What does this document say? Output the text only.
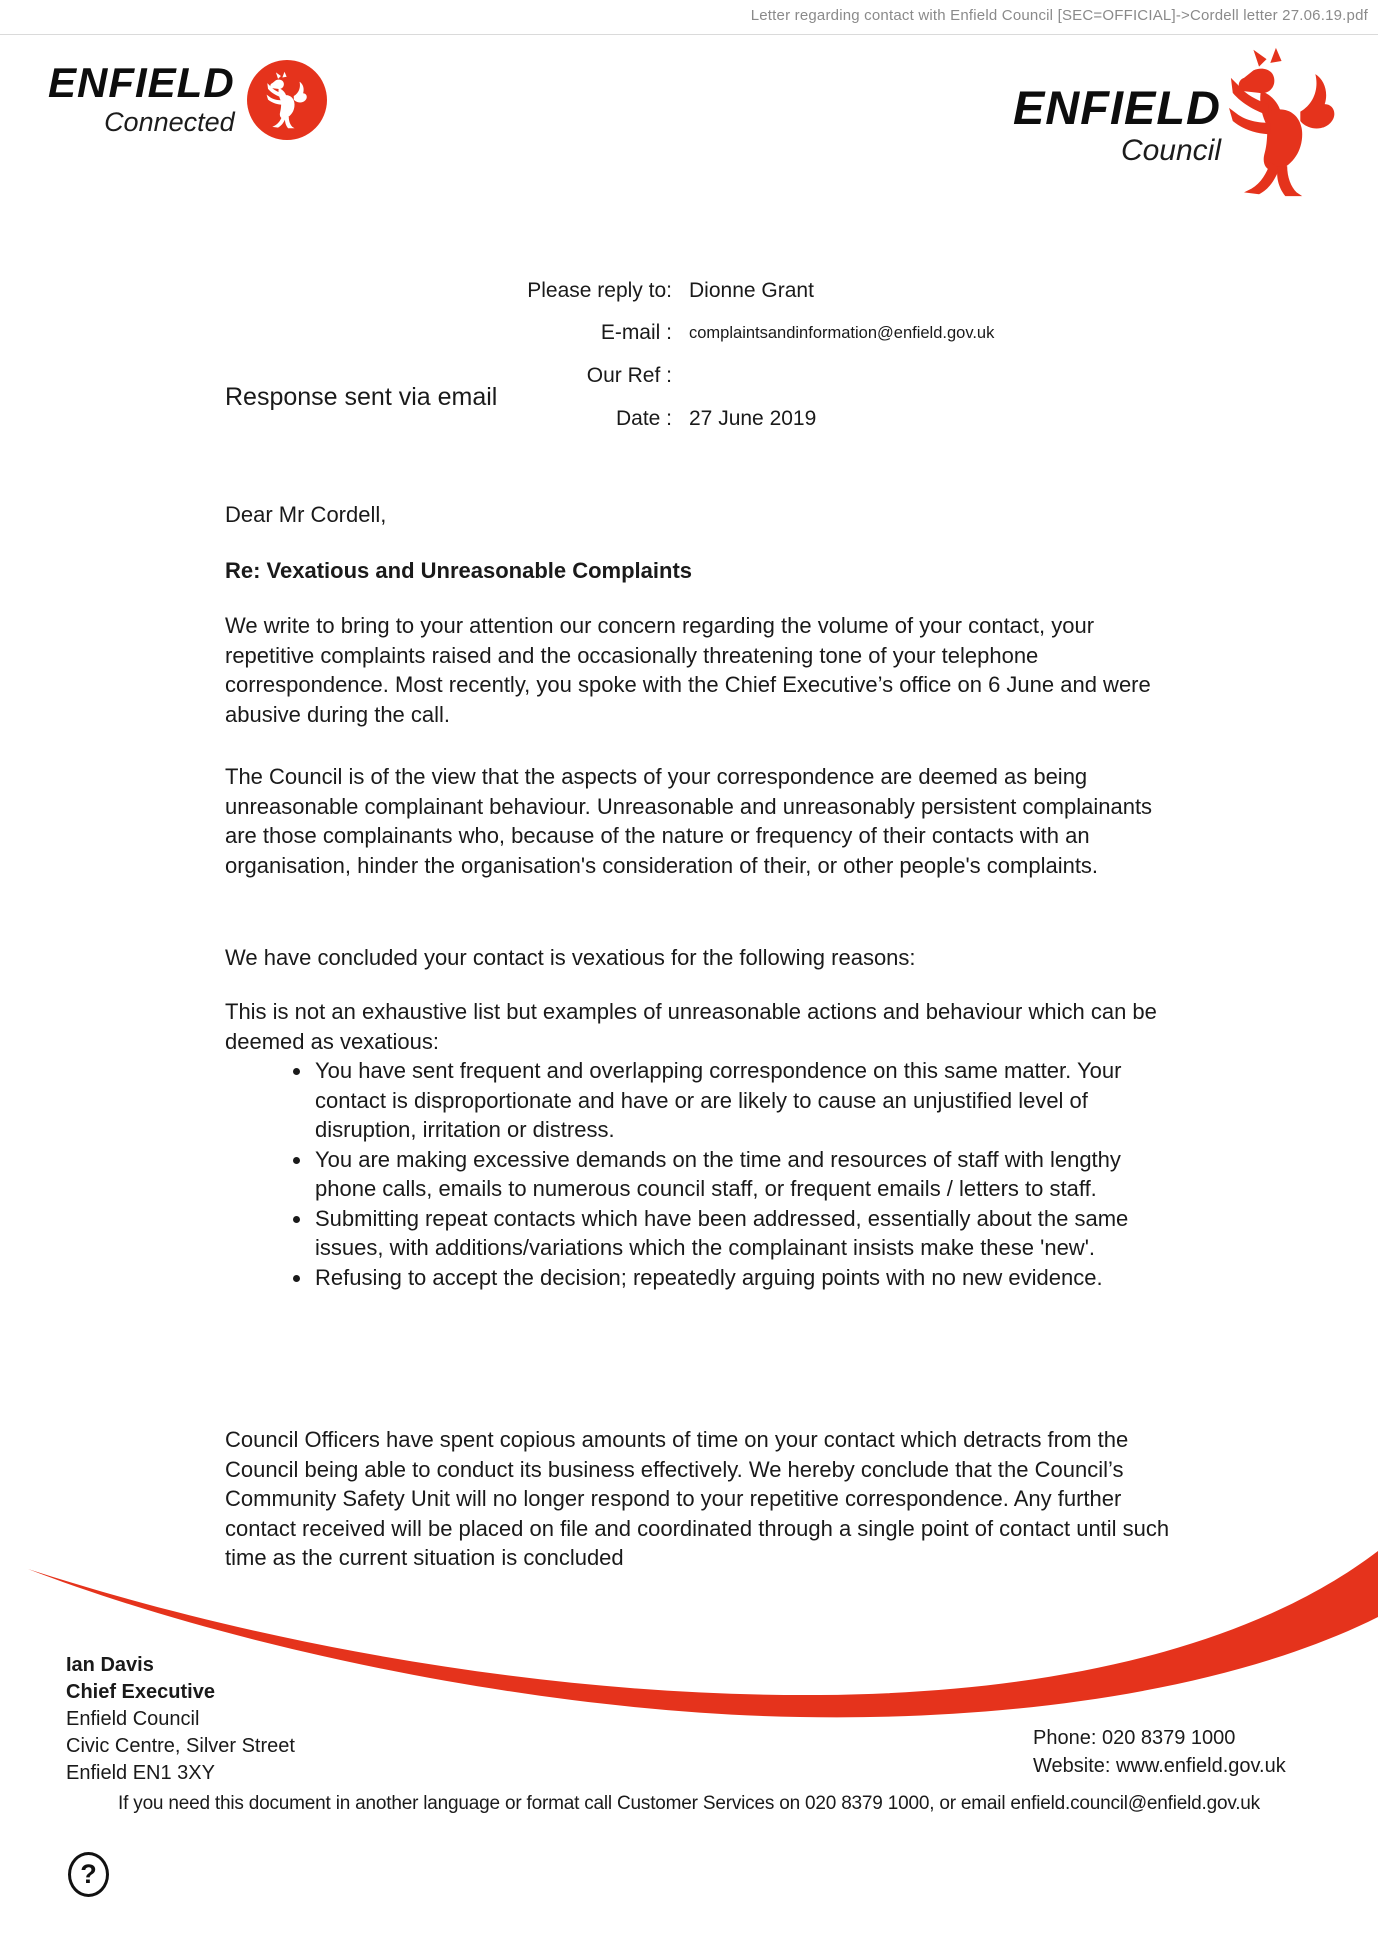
Letter regarding contact with Enfield Council [SEC=OFFICIAL]->Cordell letter 27.06.19.pdf
ENFIELD
Connected	ENFIELD
Council
Please reply to: Dionne Grant
E-mail : complaintsandinformation@enfield.gov.uk
Our Ref :
Date : 27 June 2019
Response sent via email
Dear Mr Cordell,
Re: Vexatious and Unreasonable Complaints
We write to bring to your attention our concern regarding the volume of your contact, your repetitive complaints raised and the occasionally threatening tone of your telephone correspondence. Most recently, you spoke with the Chief Executive’s office on 6 June and were abusive during the call.
The Council is of the view that the aspects of your correspondence are deemed as being unreasonable complainant behaviour. Unreasonable and unreasonably persistent complainants are those complainants who, because of the nature or frequency of their contacts with an organisation, hinder the organisation's consideration of their, or other people's complaints.
We have concluded your contact is vexatious for the following reasons:
This is not an exhaustive list but examples of unreasonable actions and behaviour which can be deemed as vexatious:
• You have sent frequent and overlapping correspondence on this same matter. Your contact is disproportionate and have or are likely to cause an unjustified level of disruption, irritation or distress.
• You are making excessive demands on the time and resources of staff with lengthy phone calls, emails to numerous council staff, or frequent emails / letters to staff.
• Submitting repeat contacts which have been addressed, essentially about the same issues, with additions/variations which the complainant insists make these 'new'.
• Refusing to accept the decision; repeatedly arguing points with no new evidence.
Council Officers have spent copious amounts of time on your contact which detracts from the Council being able to conduct its business effectively. We hereby conclude that the Council’s Community Safety Unit will no longer respond to your repetitive correspondence. Any further contact received will be placed on file and coordinated through a single point of contact until such time as the current situation is concluded
Ian Davis
Chief Executive
Enfield Council
Civic Centre, Silver Street
Enfield EN1 3XY
Phone: 020 8379 1000
Website: www.enfield.gov.uk
If you need this document in another language or format call Customer Services on 020 8379 1000, or email enfield.council@enfield.gov.uk
?
